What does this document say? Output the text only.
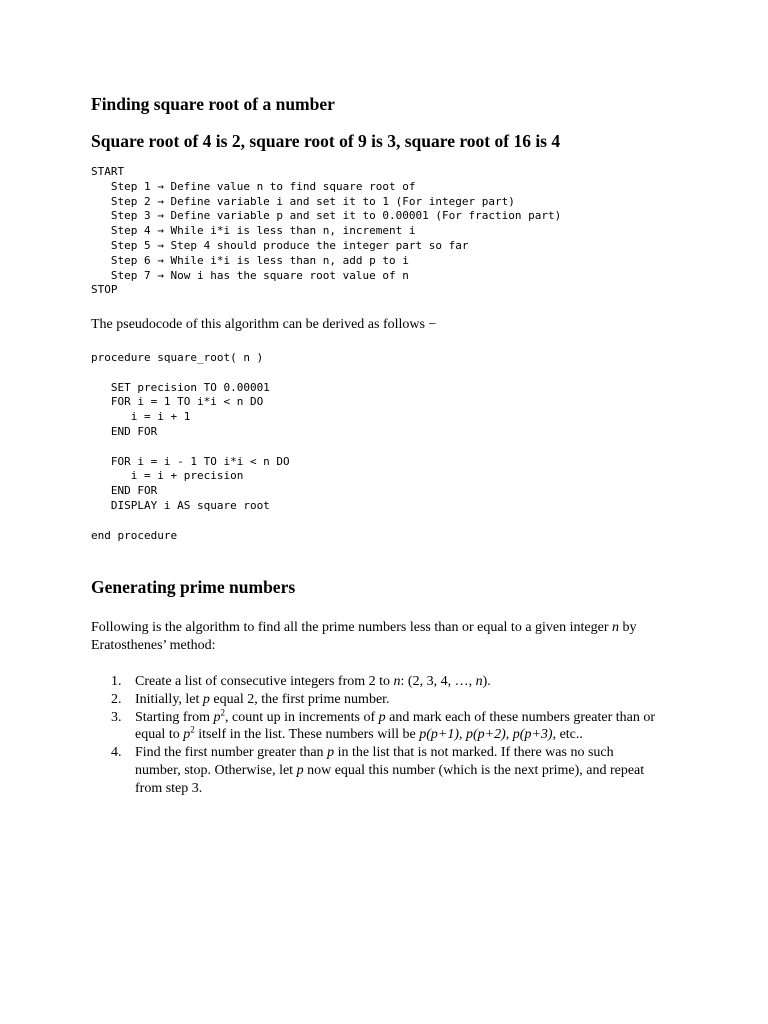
Finding square root of a number
Square root of 4 is 2, square root of 9 is 3, square root of 16 is 4
START
Step 1 → Define value n to find square root of
Step 2 → Define variable i and set it to 1 (For integer part)
Step 3 → Define variable p and set it to 0.00001 (For fraction part)
Step 4 → While i*i is less than n, increment i
Step 5 → Step 4 should produce the integer part so far
Step 6 → While i*i is less than n, add p to i
Step 7 → Now i has the square root value of n
STOP

The pseudocode of this algorithm can be derived as follows −

procedure square_root( n )

SET precision TO 0.00001
FOR i = 1 TO i*i < n DO
i = i + 1
END FOR

FOR i = i - 1 TO i*i < n DO
i = i + precision
END FOR
DISPLAY i AS square root

end procedure
Generating prime numbers

Following is the algorithm to find all the prime numbers less than or equal to a given integer n by Eratosthenes’ method:

1. Create a list of consecutive integers from 2 to n: (2, 3, 4, …, n).
2. Initially, let p equal 2, the first prime number.
3. Starting from $p^2$, count up in increments of p and mark each of these numbers greater than or equal to $p^2$ itself in the list. These numbers will be p(p+1), p(p+2), p(p+3), etc..
4. Find the first number greater than p in the list that is not marked. If there was no such number, stop. Otherwise, let p now equal this number (which is the next prime), and repeat from step 3.
